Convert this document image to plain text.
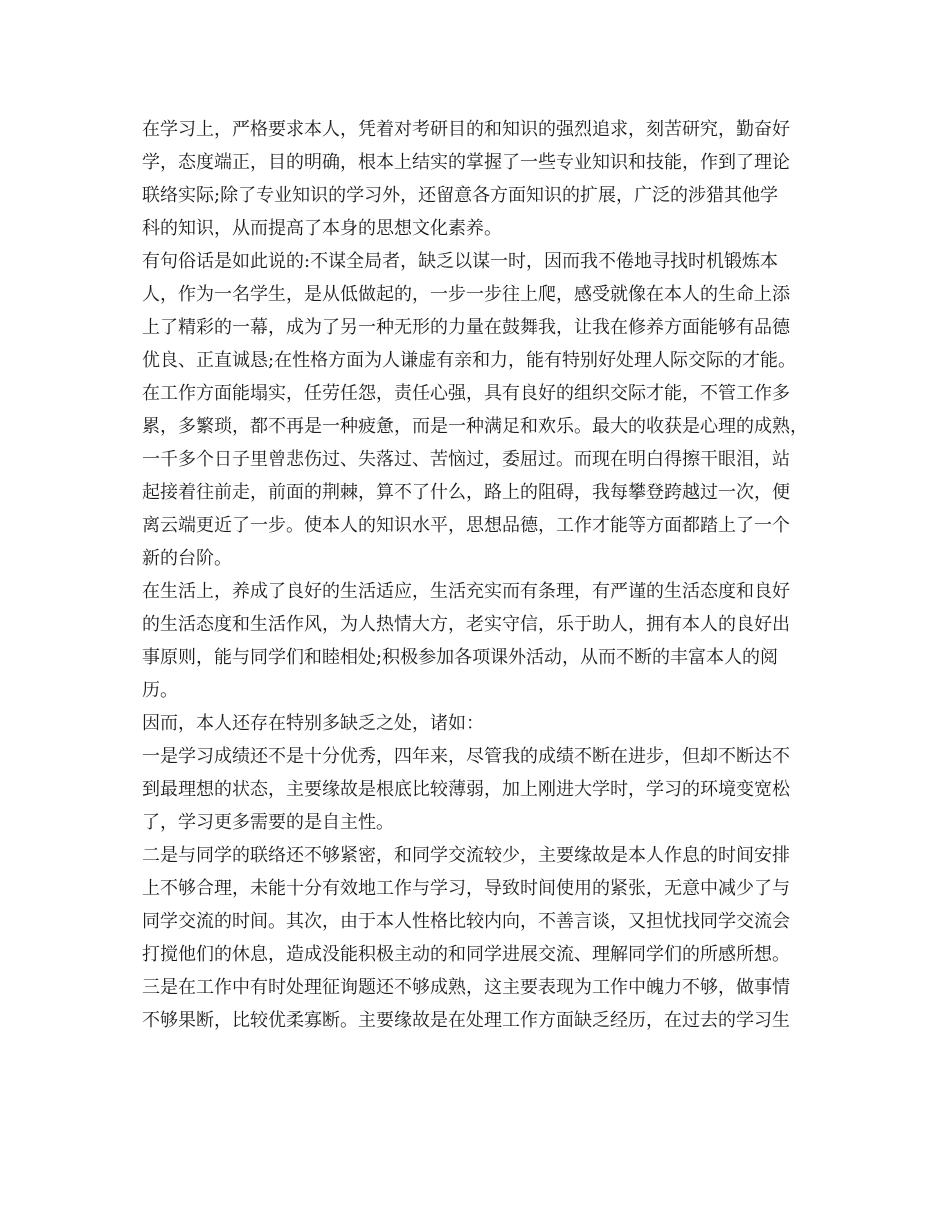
在学习上，严格要求本人，凭着对考研目的和知识的强烈追求，刻苦研究，勤奋好
学，态度端正，目的明确，根本上结实的掌握了一些专业知识和技能，作到了理论
联络实际;除了专业知识的学习外，还留意各方面知识的扩展，广泛的涉猎其他学
科的知识，从而提高了本身的思想文化素养。
有句俗话是如此说的:不谋全局者，缺乏以谋一时，因而我不倦地寻找时机锻炼本
人，作为一名学生，是从低做起的，一步一步往上爬，感受就像在本人的生命上添
上了精彩的一幕，成为了另一种无形的力量在鼓舞我，让我在修养方面能够有品德
优良、正直诚恳;在性格方面为人谦虚有亲和力，能有特别好处理人际交际的才能。
在工作方面能塌实，任劳任怨，责任心强，具有良好的组织交际才能，不管工作多
累，多繁琐，都不再是一种疲惫，而是一种满足和欢乐。最大的收获是心理的成熟，
一千多个日子里曾悲伤过、失落过、苦恼过，委屈过。而现在明白得擦干眼泪，站
起接着往前走，前面的荆棘，算不了什么，路上的阻碍，我每攀登跨越过一次，便
离云端更近了一步。使本人的知识水平，思想品德，工作才能等方面都踏上了一个
新的台阶。
在生活上，养成了良好的生活适应，生活充实而有条理，有严谨的生活态度和良好
的生活态度和生活作风，为人热情大方，老实守信，乐于助人，拥有本人的良好出
事原则，能与同学们和睦相处;积极参加各项课外活动，从而不断的丰富本人的阅
历。
因而，本人还存在特别多缺乏之处，诸如：
一是学习成绩还不是十分优秀，四年来，尽管我的成绩不断在进步，但却不断达不
到最理想的状态，主要缘故是根底比较薄弱，加上刚进大学时，学习的环境变宽松
了，学习更多需要的是自主性。
二是与同学的联络还不够紧密，和同学交流较少，主要缘故是本人作息的时间安排
上不够合理，未能十分有效地工作与学习，导致时间使用的紧张，无意中减少了与
同学交流的时间。其次，由于本人性格比较内向，不善言谈，又担忧找同学交流会
打搅他们的休息，造成没能积极主动的和同学进展交流、理解同学们的所感所想。
三是在工作中有时处理征询题还不够成熟，这主要表现为工作中魄力不够，做事情
不够果断，比较优柔寡断。主要缘故是在处理工作方面缺乏经历，在过去的学习生
